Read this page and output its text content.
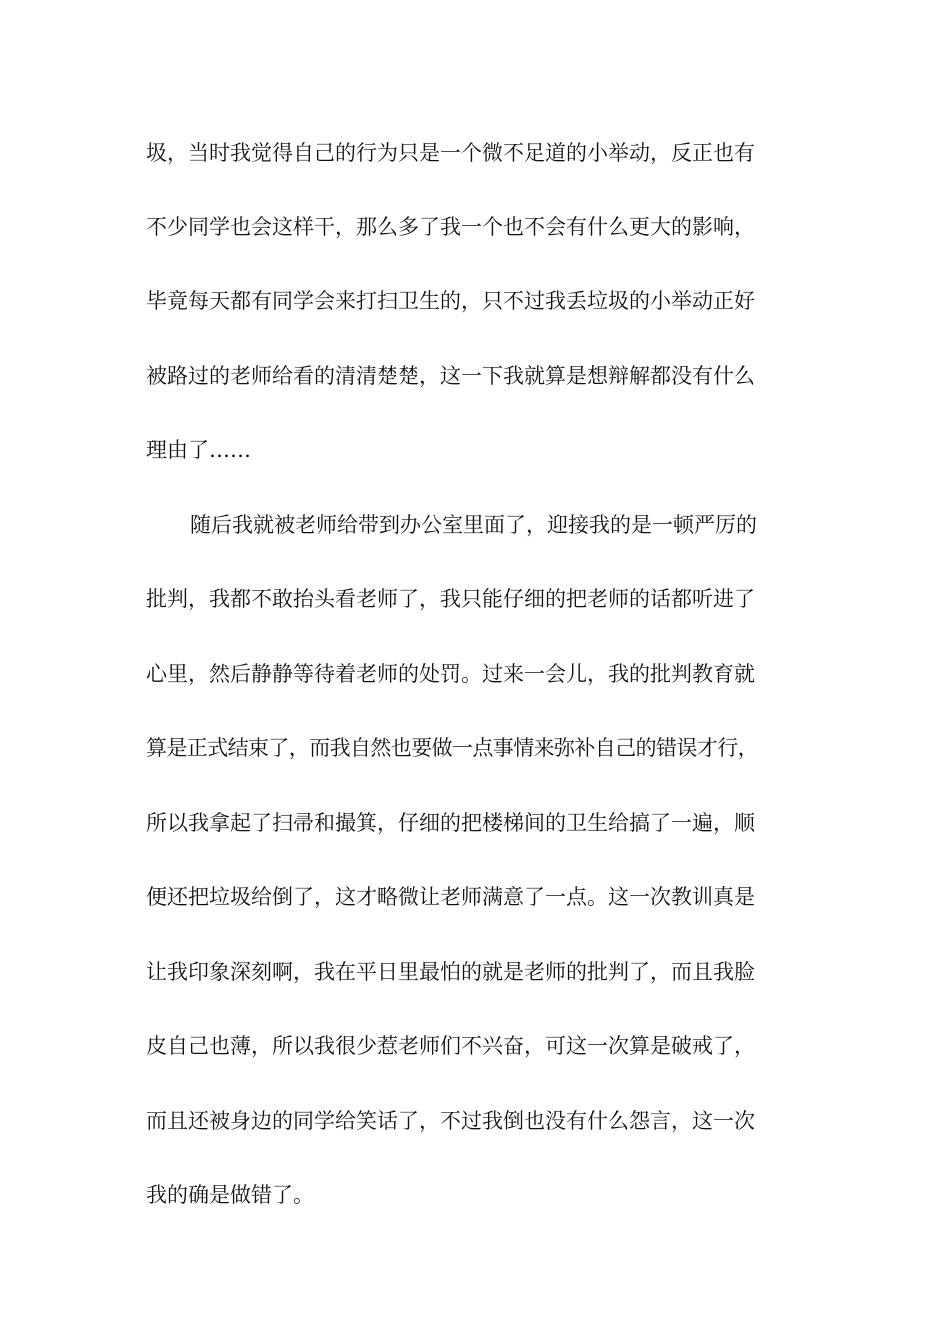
圾，当时我觉得自己的行为只是一个微不足道的小举动，反正也有

不少同学也会这样干，那么多了我一个也不会有什么更大的影响，

毕竟每天都有同学会来打扫卫生的，只不过我丢垃圾的小举动正好

被路过的老师给看的清清楚楚，这一下我就算是想辩解都没有什么

理由了……

随后我就被老师给带到办公室里面了，迎接我的是一顿严厉的

批判，我都不敢抬头看老师了，我只能仔细的把老师的话都听进了

心里，然后静静等待着老师的处罚。过来一会儿，我的批判教育就

算是正式结束了，而我自然也要做一点事情来弥补自己的错误才行，

所以我拿起了扫帚和撮箕，仔细的把楼梯间的卫生给搞了一遍，顺

便还把垃圾给倒了，这才略微让老师满意了一点。这一次教训真是

让我印象深刻啊，我在平日里最怕的就是老师的批判了，而且我脸

皮自己也薄，所以我很少惹老师们不兴奋，可这一次算是破戒了，

而且还被身边的同学给笑话了，不过我倒也没有什么怨言，这一次

我的确是做错了。
